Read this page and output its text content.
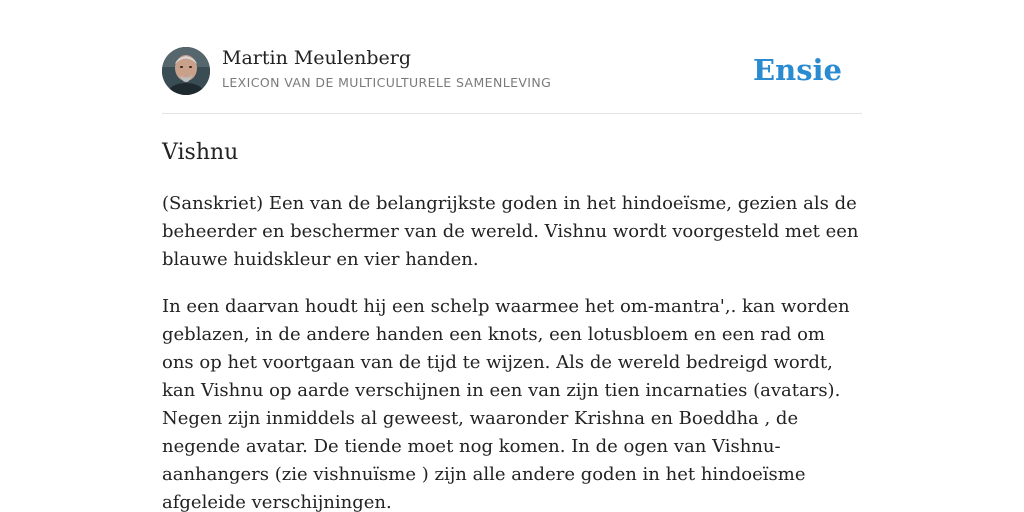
Martin Meulenberg
LEXICON VAN DE MULTICULTURELE SAMENLEVING	Ensie
Vishnu

(Sanskriet) Een van de belangrijkste goden in het hindoeïsme, gezien als de beheerder en beschermer van de wereld. Vishnu wordt voorgesteld met een blauwe huidskleur en vier handen.

In een daarvan houdt hij een schelp waarmee het om-mantra',. kan worden geblazen, in de andere handen een knots, een lotusbloem en een rad om ons op het voortgaan van de tijd te wijzen. Als de wereld bedreigd wordt, kan Vishnu op aarde verschijnen in een van zijn tien incarnaties (avatars). Negen zijn inmiddels al geweest, waaronder Krishna en Boeddha , de negende avatar. De tiende moet nog komen. In de ogen van Vishnu-aanhangers (zie vishnuïsme ) zijn alle andere goden in het hindoeïsme afgeleide verschijningen.
